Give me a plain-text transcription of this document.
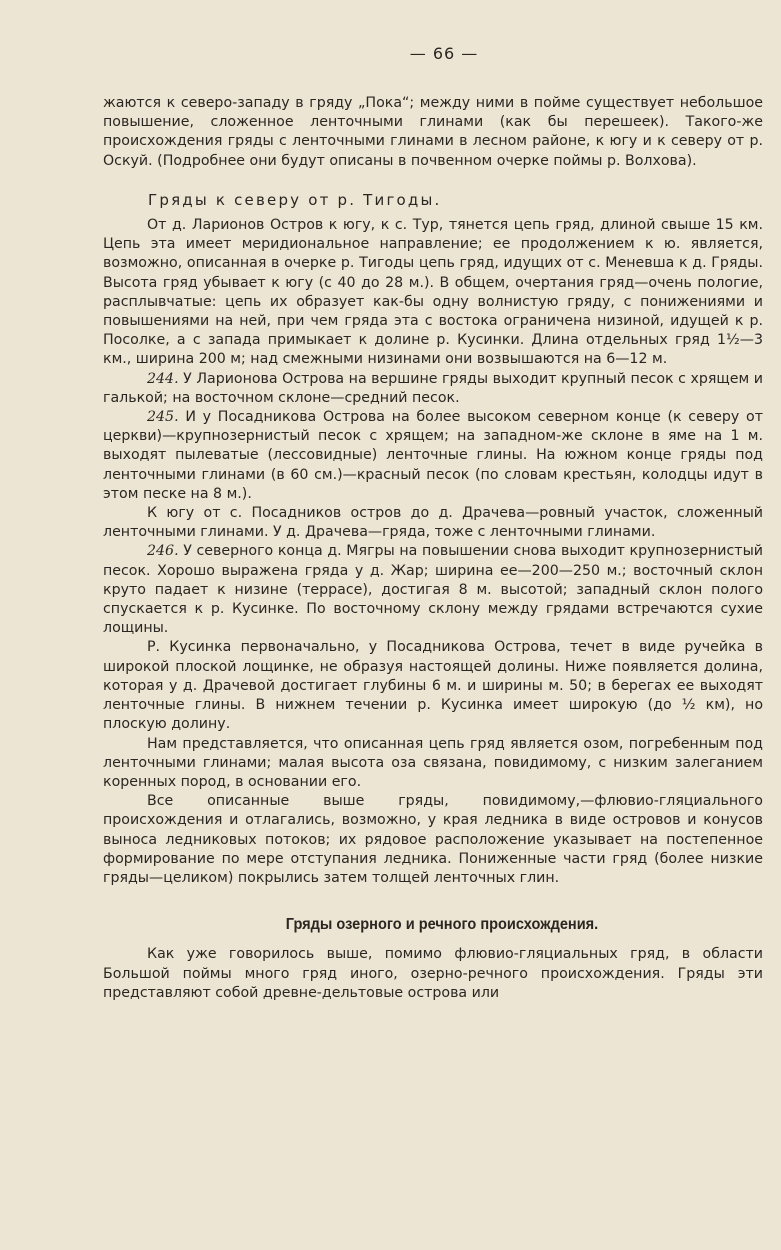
— 66 —

жаются к северо-западу в гряду „Пока“; между ними в пойме существует небольшое повышение, сложенное ленточными глинами (как бы перешеек). Такого-же происхождения гряды с ленточными глинами в лесном районе, к югу и к северу от р. Оскуй. (Подробнее они будут описаны в почвенном очерке поймы р. Волхова).

Гряды к северу от р. Тигоды.

От д. Ларионов Остров к югу, к с. Тур, тянется цепь гряд, длиной свыше 15 км. Цепь эта имеет меридиональное направление; ее продолжением к ю. является, возможно, описанная в очерке р. Тигоды цепь гряд, идущих от с. Меневша к д. Гряды. Высота гряд убывает к югу (с 40 до 28 м.). В общем, очертания гряд—очень пологие, расплывчатые: цепь их образует как-бы одну волнистую гряду, с понижениями и повышениями на ней, при чем гряда эта с востока ограничена низиной, идущей к р. Посолке, а с запада примыкает к долине р. Кусинки. Длина отдельных гряд 1½—3 км., ширина 200 м; над смежными низинами они возвышаются на 6—12 м.

244. У Ларионова Острова на вершине гряды выходит крупный песок с хрящем и галькой; на восточном склоне—средний песок.

245. И у Посадникова Острова на более высоком северном конце (к северу от церкви)—крупнозернистый песок с хрящем; на западном-же склоне в яме на 1 м. выходят пылеватые (лессовидные) ленточные глины. На южном конце гряды под ленточными глинами (в 60 см.)—красный песок (по словам крестьян, колодцы идут в этом песке на 8 м.).

К югу от с. Посадников остров до д. Драчева—ровный участок, сложенный ленточными глинами. У д. Драчева—гряда, тоже с ленточными глинами.

246. У северного конца д. Мягры на повышении снова выходит крупнозернистый песок. Хорошо выражена гряда у д. Жар; ширина ее—200—250 м.; восточный склон круто падает к низине (террасе), достигая 8 м. высотой; западный склон полого спускается к р. Кусинке. По восточному склону между грядами встречаются сухие лощины.

Р. Кусинка первоначально, у Посадникова Острова, течет в виде ручейка в широкой плоской лощинке, не образуя настоящей долины. Ниже появляется долина, которая у д. Драчевой достигает глубины 6 м. и ширины м. 50; в берегах ее выходят ленточные глины. В нижнем течении р. Кусинка имеет широкую (до ½ км), но плоскую долину.

Нам представляется, что описанная цепь гряд является озом, погребенным под ленточными глинами; малая высота оза связана, повидимому, с низким залеганием коренных пород, в основании его.

Все описанные выше гряды, повидимому,—флювио-гляциального происхождения и отлагались, возможно, у края ледника в виде островов и конусов выноса ледниковых потоков; их рядовое расположение указывает на постепенное формирование по мере отступания ледника. Пониженные части гряд (более низкие гряды—целиком) покрылись затем толщей ленточных глин.

Гряды озерного и речного происхождения.

Как уже говорилось выше, помимо флювио-гляциальных гряд, в области Большой поймы много гряд иного, озерно-речного происхождения. Гряды эти представляют собой древне-дельтовые острова или
